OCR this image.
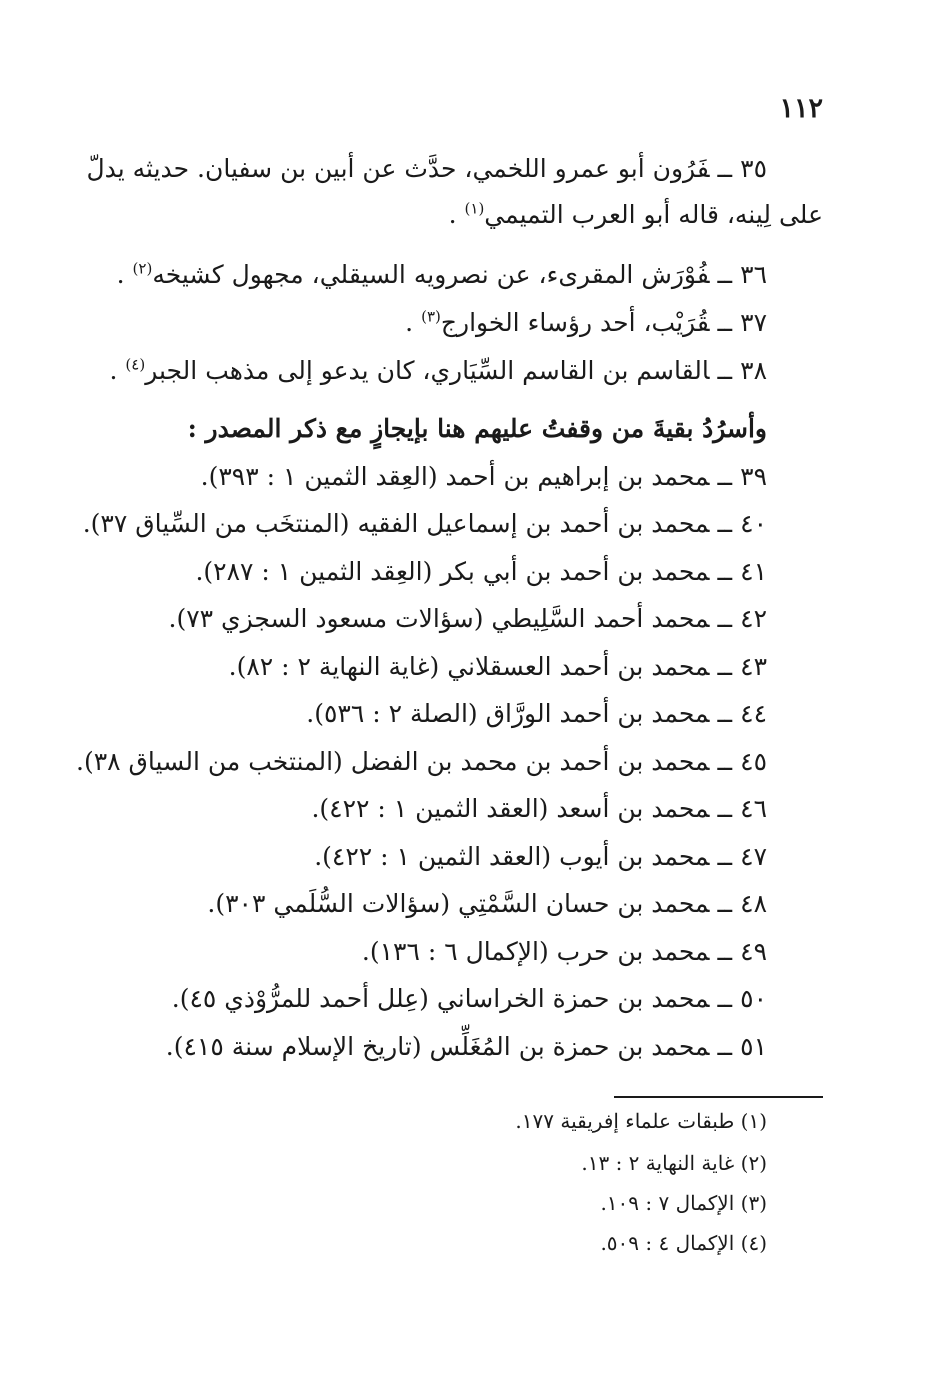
١١٢
٣٥ــفَرُون أبو عمرو اللخمي، حدَّث عن أبين بن سفيان. حديثه يدلّ
على لِينه، قاله أبو العرب التميمي$^{(١)}$ .
٣٦ــفُوْرَش المقرىء، عن نصرويه السيقلي، مجهول كشيخه$^{(٢)}$ .
٣٧ــقُرَيْب، أحد رؤساء الخوارج$^{(٣)}$ .
٣٨ــالقاسم بن القاسم السِّيَاري، كان يدعو إلى مذهب الجبر$^{(٤)}$ .
وأسرُدُ بقيةَ من وقفتُ عليهم هنا بإيجازٍ مع ذكر المصدر :
٣٩ــمحمد بن إبراهيم بن أحمد (العِقد الثمين ١ : ٣٩٣).
٤٠ــمحمد بن أحمد بن إسماعيل الفقيه (المنتخَب من السِّياق ٣٧).
٤١ــمحمد بن أحمد بن أبي بكر (العِقد الثمين ١ : ٢٨٧).
٤٢ــمحمد أحمد السَّلِيطي (سؤالات مسعود السجزي ٧٣).
٤٣ــمحمد بن أحمد العسقلاني (غاية النهاية ٢ : ٨٢).
٤٤ــمحمد بن أحمد الورَّاق (الصلة ٢ : ٥٣٦).
٤٥ــمحمد بن أحمد بن محمد بن الفضل (المنتخب من السياق ٣٨).
٤٦ــمحمد بن أسعد (العقد الثمين ١ : ٤٢٢).
٤٧ــمحمد بن أيوب (العقد الثمين ١ : ٤٢٢).
٤٨ــمحمد بن حسان السَّمْتِي (سؤالات السُّلَمي ٣٠٣).
٤٩ــمحمد بن حرب (الإكمال ٦ : ١٣٦).
٥٠ــمحمد بن حمزة الخراساني (عِلل أحمد للمرُّوْذي ٤٥).
٥١ــمحمد بن حمزة بن المُغَلِّس (تاريخ الإسلام سنة ٤١٥).
(١) طبقات علماء إفريقية ١٧٧.
(٢) غاية النهاية ٢ : ١٣.
(٣) الإكمال ٧ : ١٠٩.
(٤) الإكمال ٤ : ٥٠٩.
